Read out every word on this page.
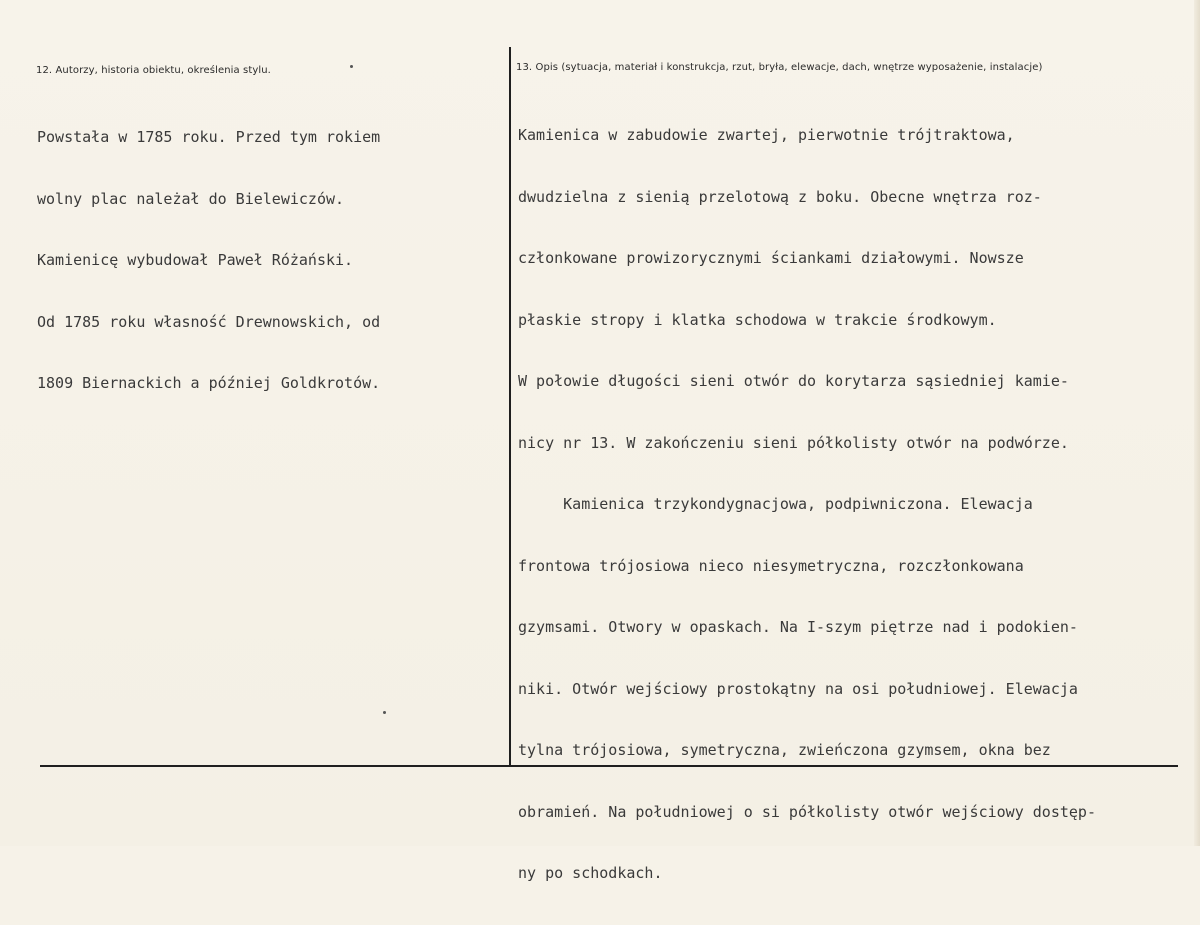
12. Autorzy, historia obiektu, określenia stylu.	13. Opis (sytuacja, materiał i konstrukcja, rzut, bryła, elewacje, dach, wnętrze wyposażenie, instalacje)

Powstała w 1785 roku. Przed tym rokiem

wolny plac należał do Bielewiczów.

Kamienicę wybudował Paweł Różański.

Od 1785 roku własność Drewnowskich, od

1809 Biernackich a później Goldkrotów.

Kamienica w zabudowie zwartej, pierwotnie trójtraktowa,

dwudzielna z sienią przelotową z boku. Obecne wnętrza roz-

członkowane prowizorycznymi ściankami działowymi. Nowsze

płaskie stropy i klatka schodowa w trakcie środkowym.

W połowie długości sieni otwór do korytarza sąsiedniej kamie-

nicy nr 13. W zakończeniu sieni półkolisty otwór na podwórze.

Kamienica trzykondygnacjowa, podpiwniczona. Elewacja

frontowa trójosiowa nieco niesymetryczna, rozczłonkowana

gzymsami. Otwory w opaskach. Na I-szym piętrze nad i podokien-

niki. Otwór wejściowy prostokątny na osi południowej. Elewacja

tylna trójosiowa, symetryczna, zwieńczona gzymsem, okna bez

obramień. Na południowej o si półkolisty otwór wejściowy dostęp-

ny po schodkach.
